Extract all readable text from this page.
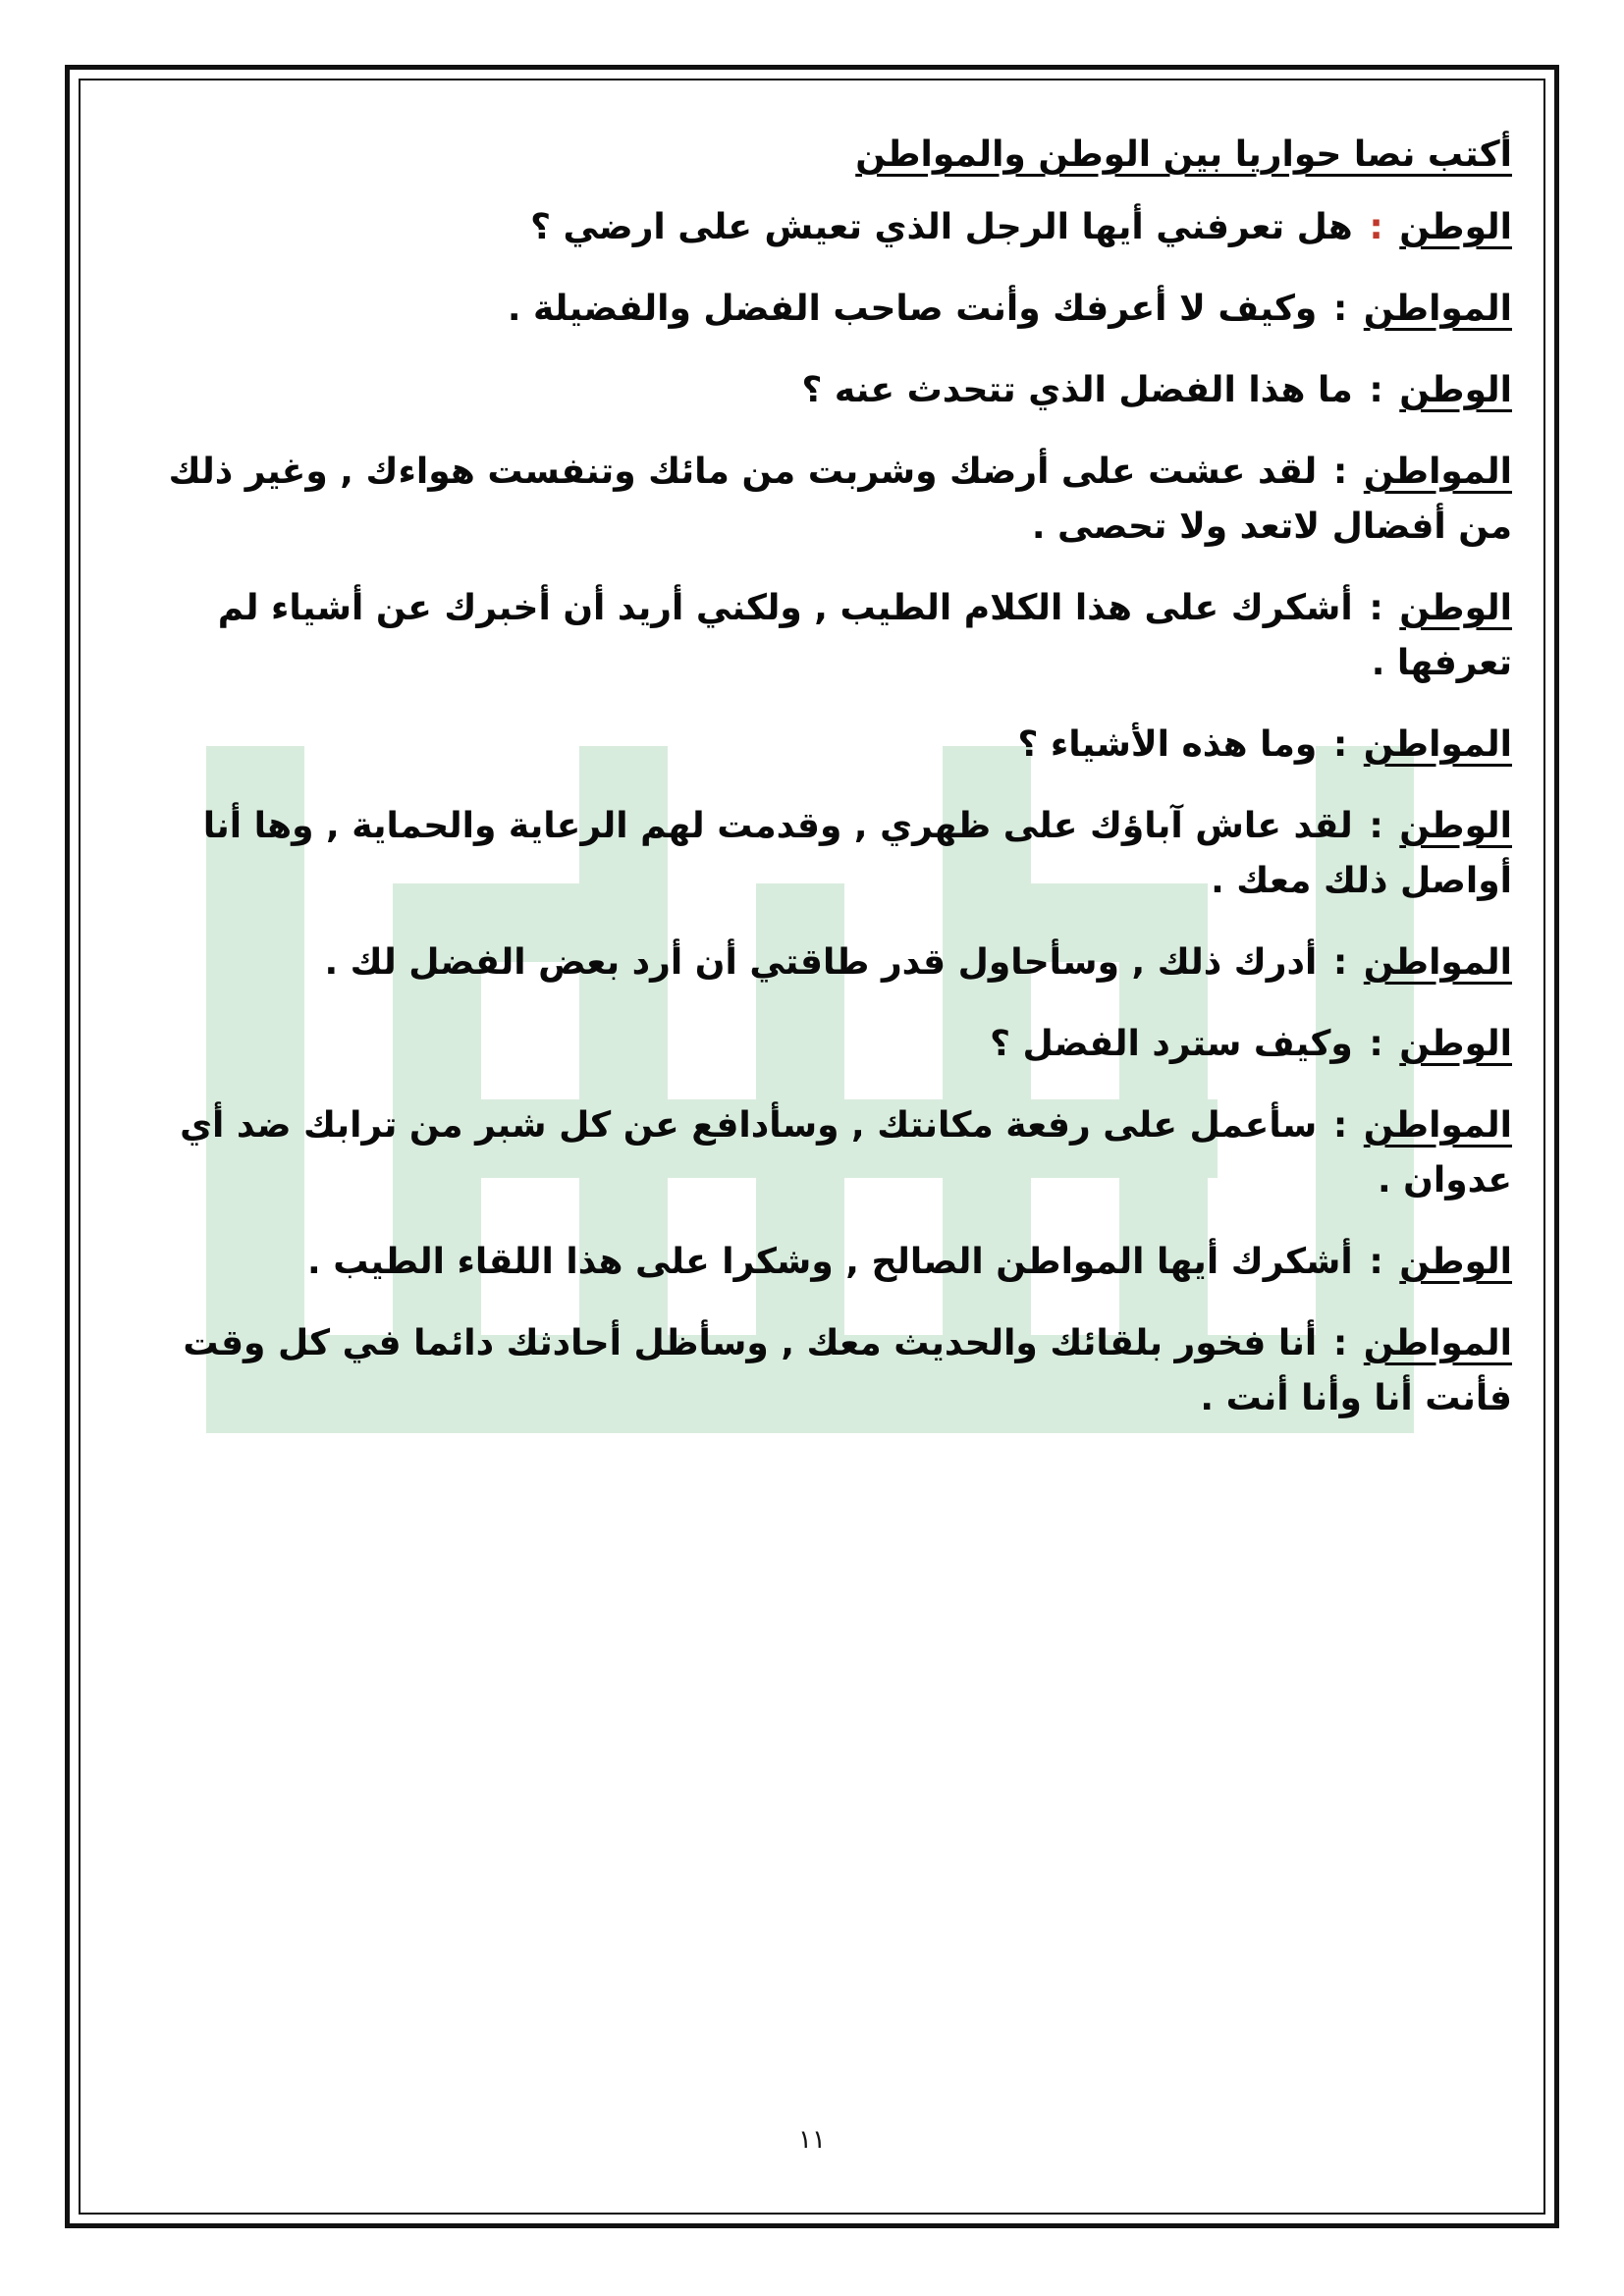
أكتب نصا حواريا بين الوطن والمواطن
الوطن : هل تعرفني أيها الرجل الذي تعيش على ارضي ؟
المواطن : وكيف لا أعرفك وأنت صاحب الفضل والفضيلة .
الوطن : ما هذا الفضل الذي تتحدث عنه ؟
المواطن : لقد عشت على أرضك وشربت من مائك وتنفست هواءك , وغير ذلك من أفضال لاتعد ولا تحصى .
الوطن : أشكرك على هذا الكلام الطيب , ولكني أريد أن أخبرك عن أشياء لم تعرفها .
المواطن : وما هذه الأشياء ؟
الوطن : لقد عاش آباؤك على ظهري , وقدمت لهم الرعاية والحماية , وها أنا أواصل ذلك معك .
المواطن : أدرك ذلك , وسأحاول قدر طاقتي أن أرد بعض الفضل لك .
الوطن : وكيف سترد الفضل ؟
المواطن : سأعمل على رفعة مكانتك , وسأدافع عن كل شبر من ترابك ضد أي عدوان .
الوطن : أشكرك أيها المواطن الصالح , وشكرا على هذا اللقاء الطيب .
المواطن : أنا فخور بلقائك والحديث معك , وسأظل أحادثك دائما في كل وقت فأنت أنا وأنا أنت .
١١
